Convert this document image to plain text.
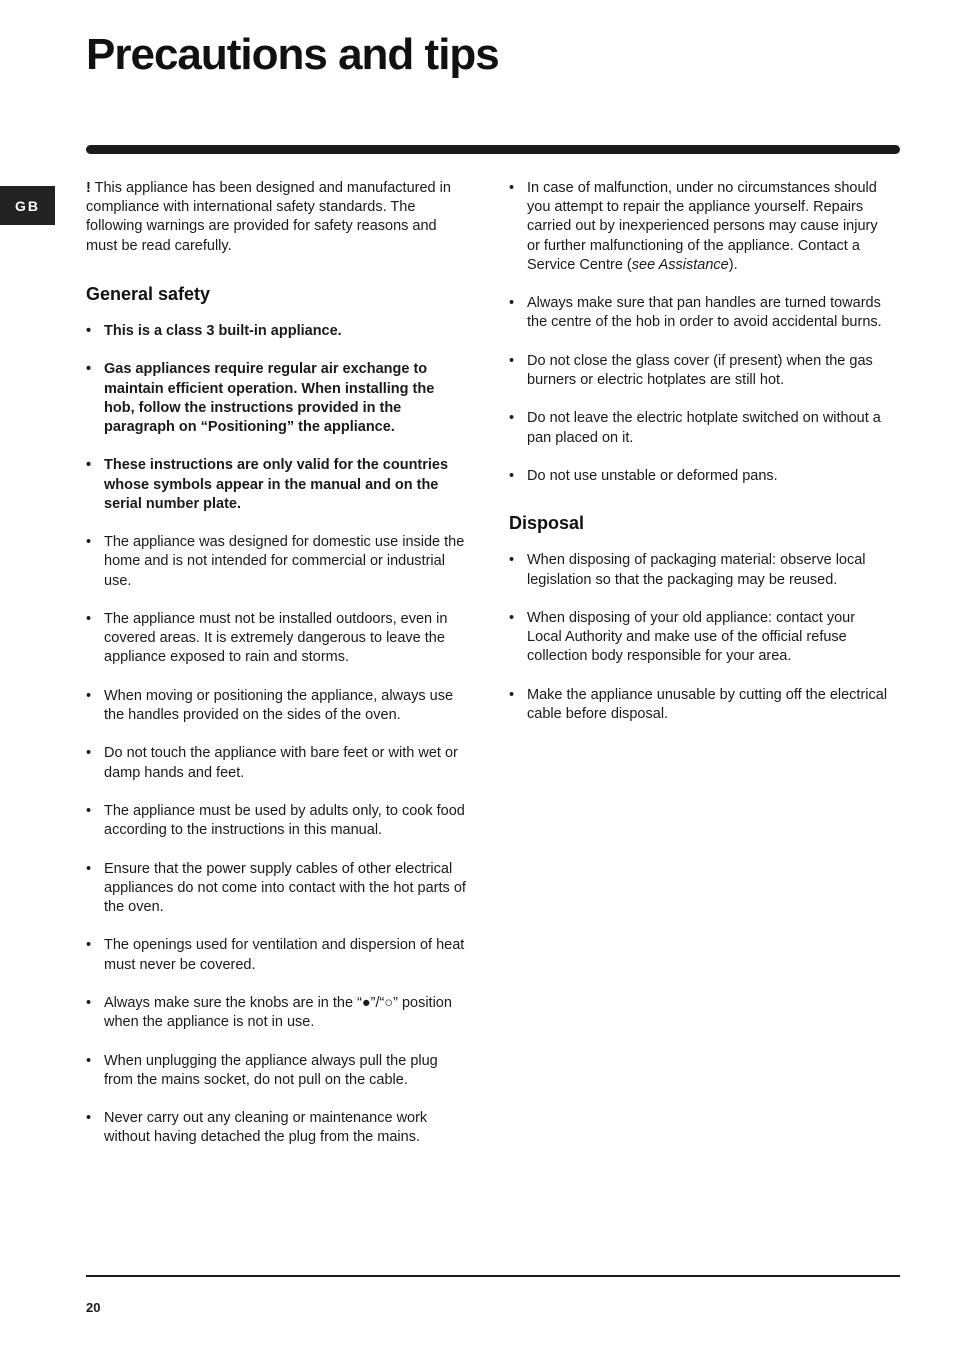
Precautions and tips
GB

! This appliance has been designed and manufactured in compliance with international safety standards. The following warnings are provided for safety reasons and must be read carefully.

General safety
• This is a class 3 built-in appliance.
• Gas appliances require regular air exchange to maintain efficient operation. When installing the hob, follow the instructions provided in the paragraph on “Positioning” the appliance.
• These instructions are only valid for the countries whose symbols appear in the manual and on the serial number plate.
• The appliance was designed for domestic use inside the home and is not intended for commercial or industrial use.
• The appliance must not be installed outdoors, even in covered areas. It is extremely dangerous to leave the appliance exposed to rain and storms.
• When moving or positioning the appliance, always use the handles provided on the sides of the oven.
• Do not touch the appliance with bare feet or with wet or damp hands and feet.
• The appliance must be used by adults only, to cook food according to the instructions in this manual.
• Ensure that the power supply cables of other electrical appliances do not come into contact with the hot parts of the oven.
• The openings used for ventilation and dispersion of heat must never be covered.
• Always make sure the knobs are in the “●”/“○” position when the appliance is not in use.
• When unplugging the appliance always pull the plug from the mains socket, do not pull on the cable.
• Never carry out any cleaning or maintenance work without having detached the plug from the mains.
• In case of malfunction, under no circumstances should you attempt to repair the appliance yourself. Repairs carried out by inexperienced persons may cause injury or further malfunctioning of the appliance. Contact a Service Centre (see Assistance).
• Always make sure that pan handles are turned towards the centre of the hob in order to avoid accidental burns.
• Do not close the glass cover (if present) when the gas burners or electric hotplates are still hot.
• Do not leave the electric hotplate switched on without a pan placed on it.
• Do not use unstable or deformed pans.
Disposal
• When disposing of packaging material: observe local legislation so that the packaging may be reused.
• When disposing of your old appliance: contact your Local Authority and make use of the official refuse collection body responsible for your area.
• Make the appliance unusable by cutting off the electrical cable before disposal.
20
